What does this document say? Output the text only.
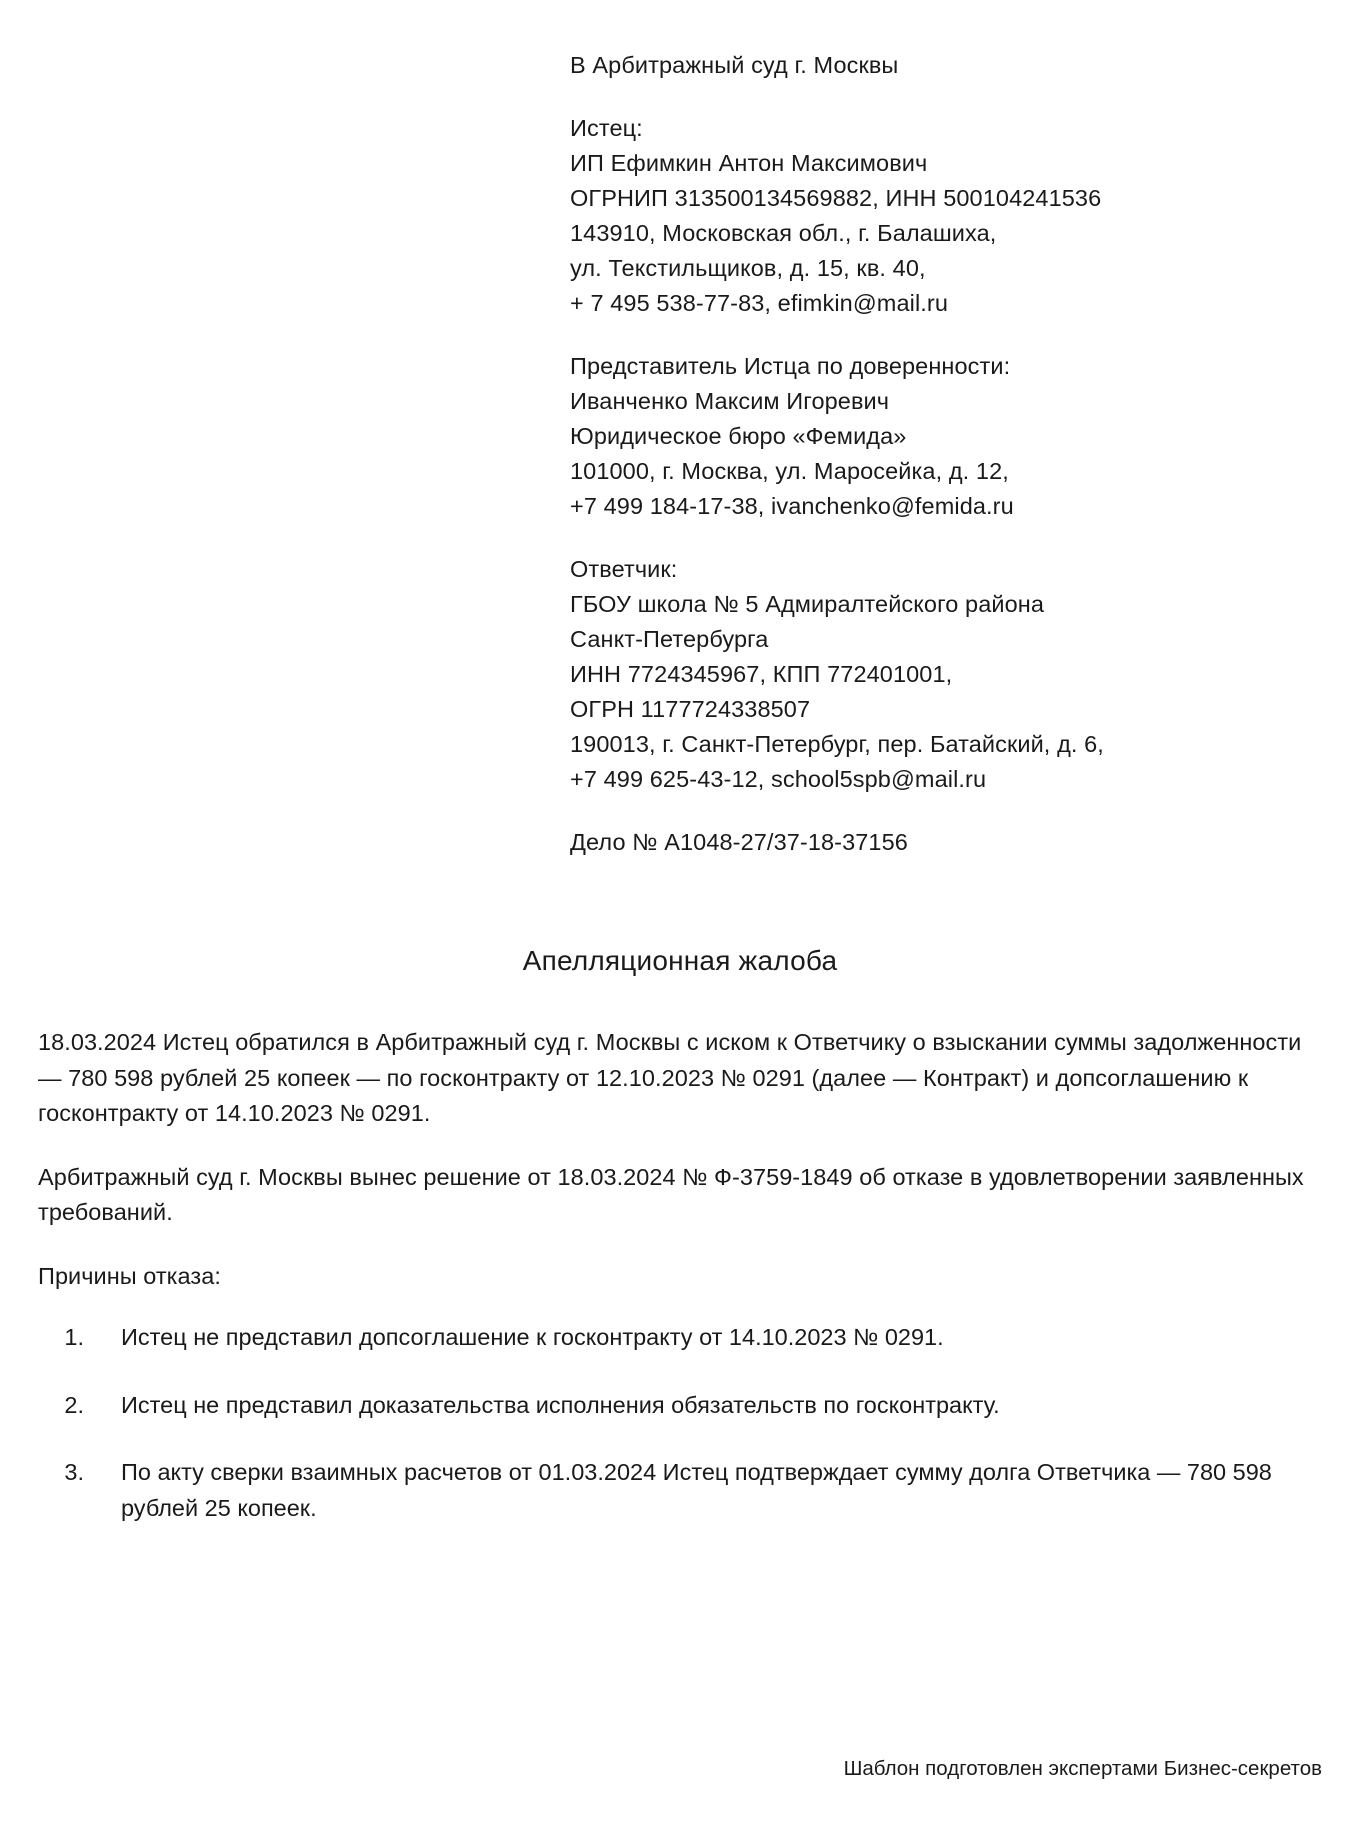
В Арбитражный суд г. Москвы
Истец:
ИП Ефимкин Антон Максимович
ОГРНИП 313500134569882, ИНН 500104241536
143910, Московская обл., г. Балашиха,
ул. Текстильщиков, д. 15, кв. 40,
+ 7 495 538-77-83, efimkin@mail.ru
Представитель Истца по доверенности:
Иванченко Максим Игоревич
Юридическое бюро «Фемида»
101000, г. Москва, ул. Маросейка, д. 12,
+7 499 184-17-38, ivanchenko@femida.ru
Ответчик:
ГБОУ школа № 5 Адмиралтейского района
Санкт-Петербурга
ИНН 7724345967, КПП 772401001,
ОГРН 1177724338507
190013, г. Санкт-Петербург, пер. Батайский, д. 6,
+7 499 625-43-12, school5spb@mail.ru
Дело № А1048-27/37-18-37156
Апелляционная жалоба

18.03.2024 Истец обратился в Арбитражный суд г. Москвы с иском к Ответчику о взыскании суммы задолженности — 780 598 рублей 25 копеек — по госконтракту от 12.10.2023 № 0291 (далее — Контракт) и допсоглашению к госконтракту от 14.10.2023 № 0291.

Арбитражный суд г. Москвы вынес решение от 18.03.2024 № Ф-3759-1849 об отказе в удовлетворении заявленных требований.

Причины отказа:

1.	Истец не представил допсоглашение к госконтракту от 14.10.2023 № 0291.
2.	Истец не представил доказательства исполнения обязательств по госконтракту.
3.	По акту сверки взаимных расчетов от 01.03.2024 Истец подтверждает сумму долга Ответчика — 780 598 рублей 25 копеек.
Шаблон подготовлен экспертами Бизнес-секретов
